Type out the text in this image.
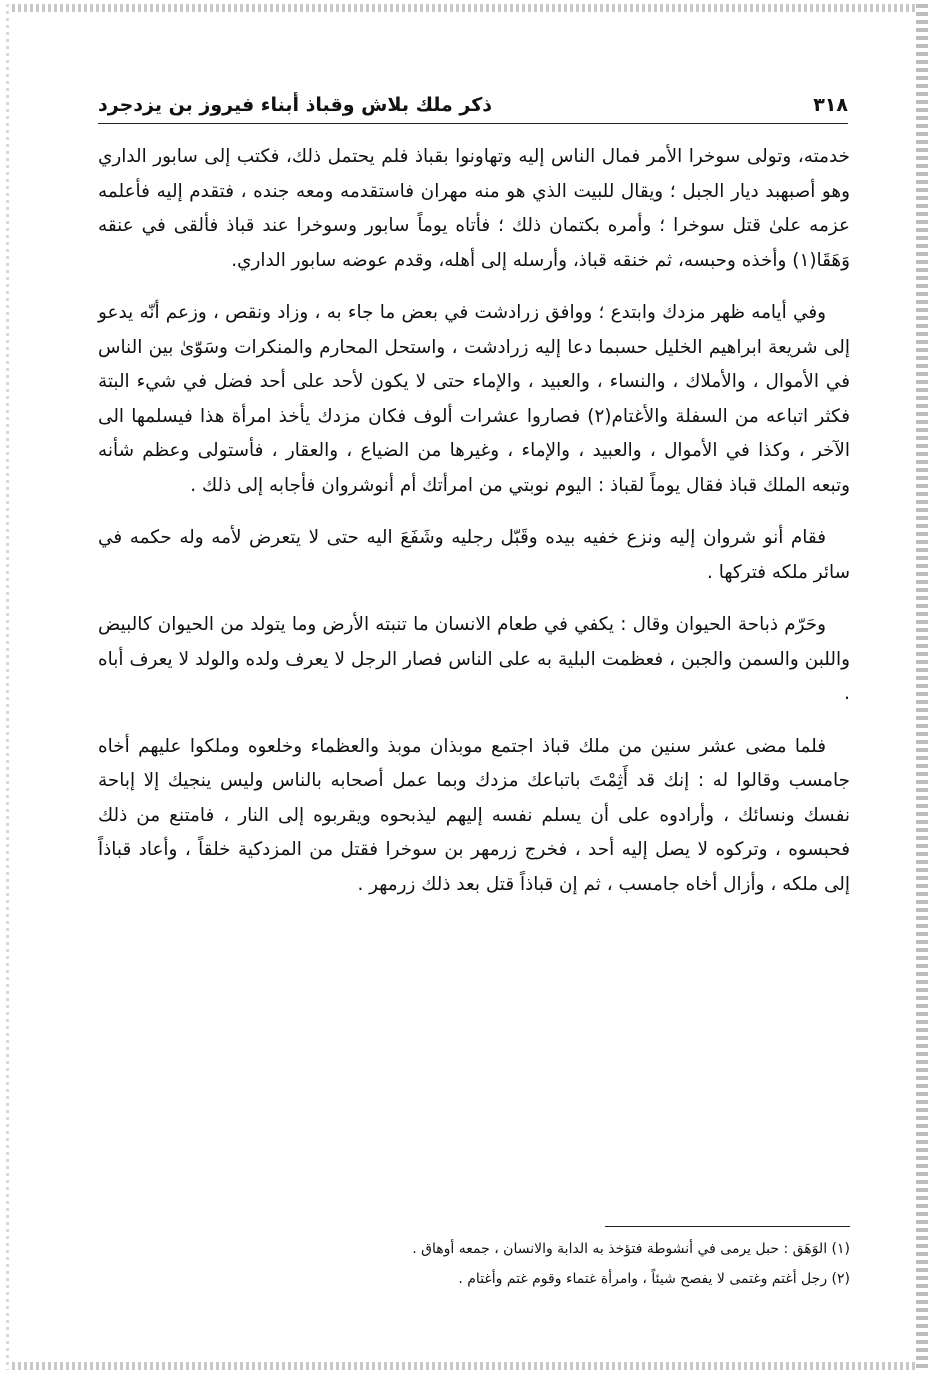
٣١٨
ذكر ملك بلاش وقباذ أبناء فيروز بن يزدجرد

خدمته، وتولى سوخرا الأمر فمال الناس إليه وتهاونوا بقباذ فلم يحتمل ذلك، فكتب إلى سابور الداري وهو أصبهبد ديار الجبل ؛ ويقال للبيت الذي هو منه مهران فاستقدمه ومعه جنده ، فتقدم إليه فأعلمه عزمه علىٰ قتل سوخرا ؛ وأمره بكتمان ذلك ؛ فأتاه يوماً سابور وسوخرا عند قباذ فألقى في عنقه وَهَقَا(١) وأخذه وحبسه، ثم خنقه قباذ، وأرسله إلى أهله، وقدم عوضه سابور الداري.

وفي أيامه ظهر مزدك وابتدع ؛ ووافق زرادشت في بعض ما جاء به ، وزاد ونقص ، وزعم أنّه يدعو إلى شريعة ابراهيم الخليل حسبما دعا إليه زرادشت ، واستحل المحارم والمنكرات وسَوّىٰ بين الناس في الأموال ، والأملاك ، والنساء ، والعبيد ، والإماء حتى لا يكون لأحد على أحد فضل في شيء البتة فكثر اتباعه من السفلة والأغتام(٢) فصاروا عشرات ألوف فكان مزدك يأخذ امرأة هذا فيسلمها الى الآخر ، وكذا في الأموال ، والعبيد ، والإماء ، وغيرها من الضياع ، والعقار ، فأستولى وعظم شأنه وتبعه الملك قباذ فقال يوماً لقباذ : اليوم نوبتي من امرأتك أم أنوشروان فأجابه إلى ذلك .

فقام أنو شروان إليه ونزع خفيه بيده وقَبّل رجليه وشَفَعَ اليه حتى لا يتعرض لأمه وله حكمه في سائر ملكه فتركها .

وحَرّم ذباحة الحيوان وقال : يكفي في طعام الانسان ما تنبته الأرض وما يتولد من الحيوان كالبيض واللبن والسمن والجبن ، فعظمت البلية به على الناس فصار الرجل لا يعرف ولده والولد لا يعرف أباه .

فلما مضى عشر سنين من ملك قباذ اجتمع موبذان موبذ والعظماء وخلعوه وملكوا عليهم أخاه جامسب وقالوا له : إنك قد أَثِمْتَ باتباعك مزدك وبما عمل أصحابه بالناس وليس ينجيك إلا إباحة نفسك ونسائك ، وأرادوه على أن يسلم نفسه إليهم ليذبحوه ويقربوه إلى النار ، فامتنع من ذلك فحبسوه ، وتركوه لا يصل إليه أحد ، فخرج زرمهر بن سوخرا فقتل من المزدكية خلقاً ، وأعاد قباذاً إلى ملكه ، وأزال أخاه جامسب ، ثم إن قباذاً قتل بعد ذلك زرمهر .

(١) الوَهَق : حبل يرمى في أنشوطة فتؤخذ به الدابة والانسان ، جمعه أوهاق .
(٢) رجل أغتم وغتمى لا يفصح شيئاً ، وامرأة غتماء وقوم غتم وأغتام .
